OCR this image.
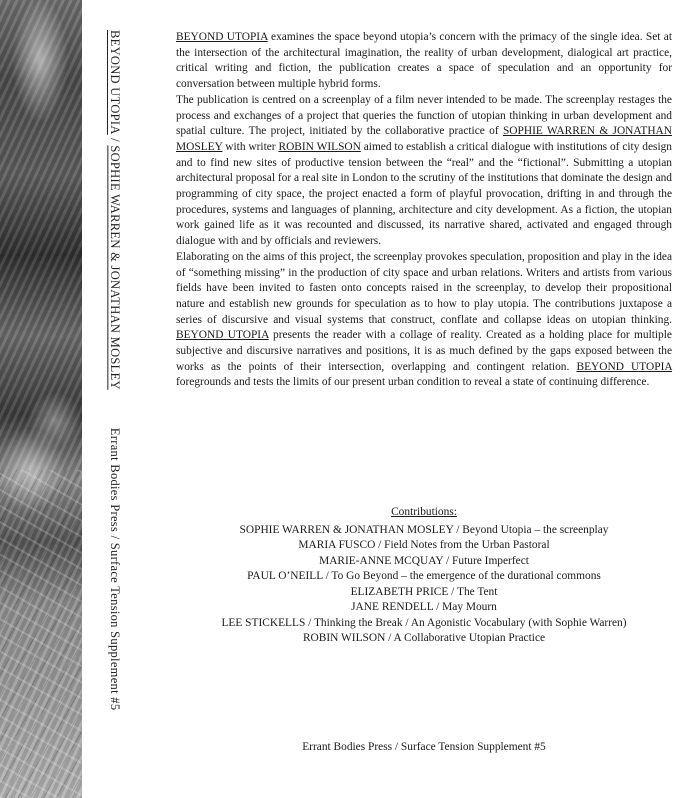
BEYOND UTOPIA / SOPHIE WARREN & JONATHAN MOSLEYErrant Bodies Press / Surface Tension Supplement #5

BEYOND UTOPIA examines the space beyond utopia’s concern with the primacy of the single idea. Set at the intersection of the architectural imagination, the reality of urban development, dialogical art practice, critical writing and fiction, the publication creates a space of speculation and an opportunity for conversation between multiple hybrid forms.

The publication is centred on a screenplay of a film never intended to be made. The screenplay restages the process and exchanges of a project that queries the function of utopian thinking in urban development and spatial culture. The project, initiated by the collaborative practice of SOPHIE WARREN & JONATHAN MOSLEY with writer ROBIN WILSON aimed to establish a critical dialogue with institutions of city design and to find new sites of productive tension between the “real” and the “fictional”. Submitting a utopian architectural proposal for a real site in London to the scrutiny of the institutions that dominate the design and programming of city space, the project enacted a form of playful provocation, drifting in and through the procedures, systems and languages of planning, architecture and city development. As a fiction, the utopian work gained life as it was recounted and discussed, its narrative shared, activated and engaged through dialogue with and by officials and reviewers.

Elaborating on the aims of this project, the screenplay provokes speculation, proposition and play in the idea of “something missing” in the production of city space and urban relations. Writers and artists from various fields have been invited to fasten onto concepts raised in the screenplay, to develop their propositional nature and establish new grounds for speculation as to how to play utopia. The contributions juxtapose a series of discursive and visual systems that construct, conflate and collapse ideas on utopian thinking. BEYOND UTOPIA presents the reader with a collage of reality. Created as a holding place for multiple subjective and discursive narratives and positions, it is as much defined by the gaps exposed between the works as the points of their intersection, overlapping and contingent relation. BEYOND UTOPIA foregrounds and tests the limits of our present urban condition to reveal a state of continuing difference.

Contributions:
SOPHIE WARREN & JONATHAN MOSLEY / Beyond Utopia – the screenplay
MARIA FUSCO / Field Notes from the Urban Pastoral
MARIE-ANNE MCQUAY / Future Imperfect
PAUL O’NEILL / To Go Beyond – the emergence of the durational commons
ELIZABETH PRICE / The Tent
JANE RENDELL / May Mourn
LEE STICKELLS / Thinking the Break / An Agonistic Vocabulary (with Sophie Warren)
ROBIN WILSON / A Collaborative Utopian Practice
Errant Bodies Press / Surface Tension Supplement #5
